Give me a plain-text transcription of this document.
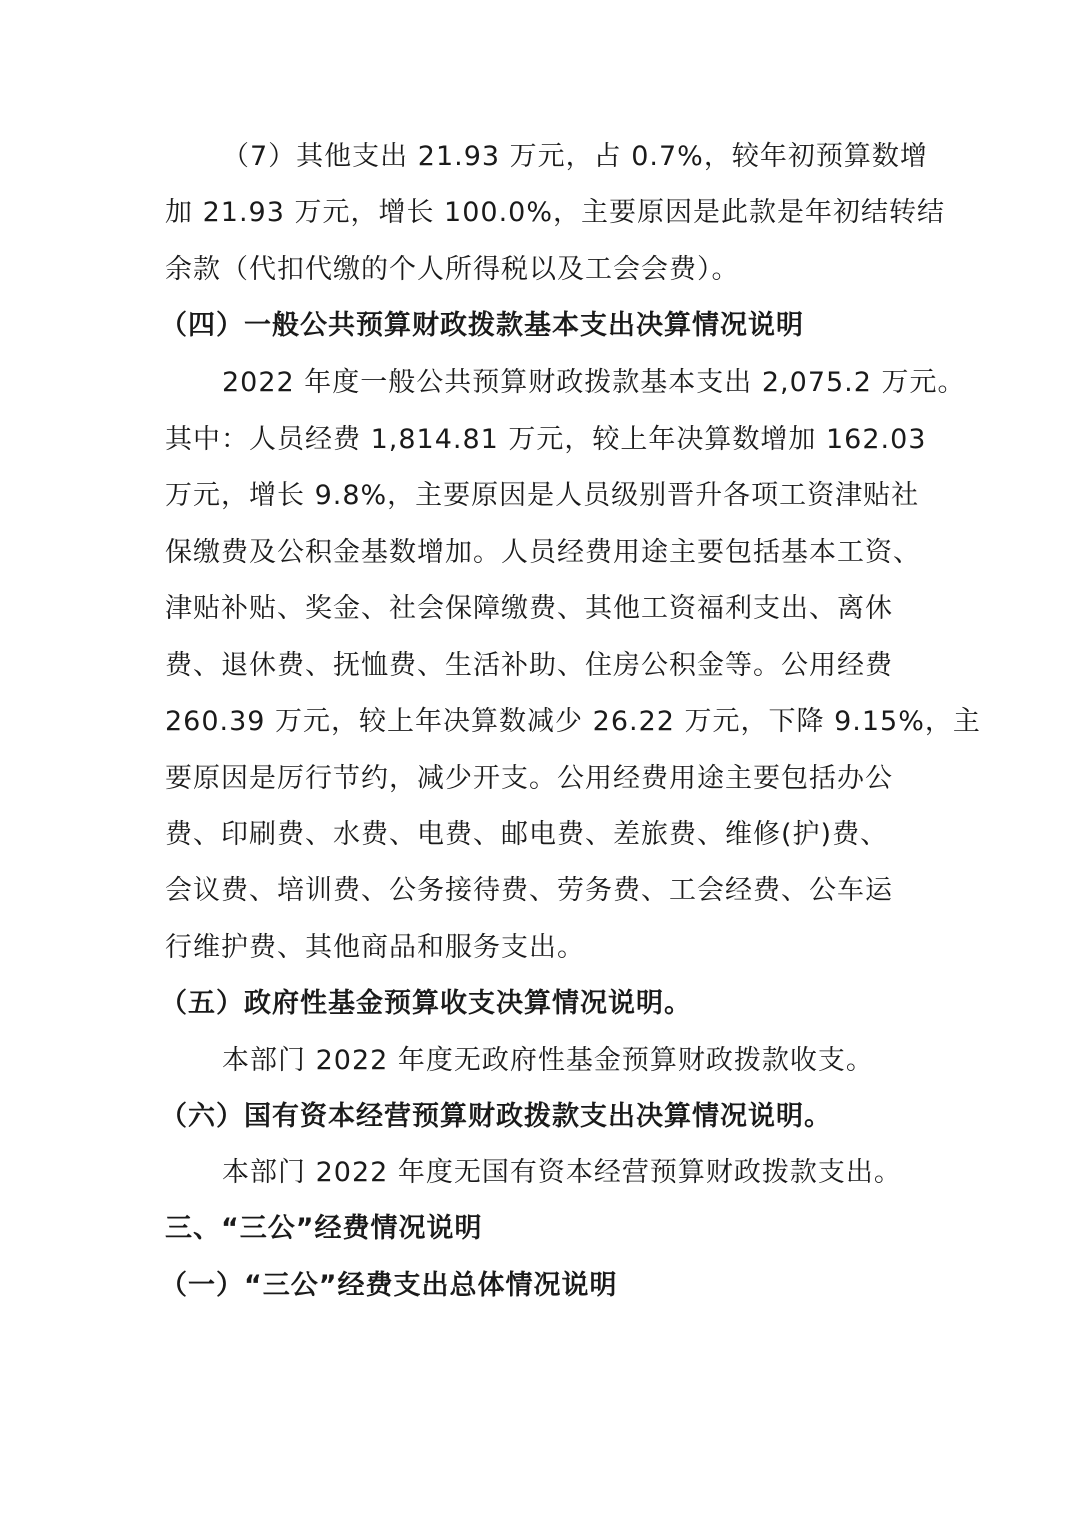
（7）其他支出 21.93 万元，占 0.7%，较年初预算数增
加 21.93 万元，增长 100.0%，主要原因是此款是年初结转结
余款（代扣代缴的个人所得税以及工会会费）。
（四）一般公共预算财政拨款基本支出决算情况说明
2022 年度一般公共预算财政拨款基本支出 2,075.2 万元。
其中：人员经费 1,814.81 万元，较上年决算数增加 162.03
万元，增长 9.8%，主要原因是人员级别晋升各项工资津贴社
保缴费及公积金基数增加。人员经费用途主要包括基本工资、
津贴补贴、奖金、社会保障缴费、其他工资福利支出、离休
费、退休费、抚恤费、生活补助、住房公积金等。公用经费
260.39 万元，较上年决算数减少 26.22 万元，下降 9.15%，主
要原因是厉行节约，减少开支。公用经费用途主要包括办公
费、印刷费、水费、电费、邮电费、差旅费、维修(护)费、
会议费、培训费、公务接待费、劳务费、工会经费、公车运
行维护费、其他商品和服务支出。
（五）政府性基金预算收支决算情况说明。
本部门 2022 年度无政府性基金预算财政拨款收支。
（六）国有资本经营预算财政拨款支出决算情况说明。
本部门 2022 年度无国有资本经营预算财政拨款支出。
三、“三公”经费情况说明
（一）“三公”经费支出总体情况说明
